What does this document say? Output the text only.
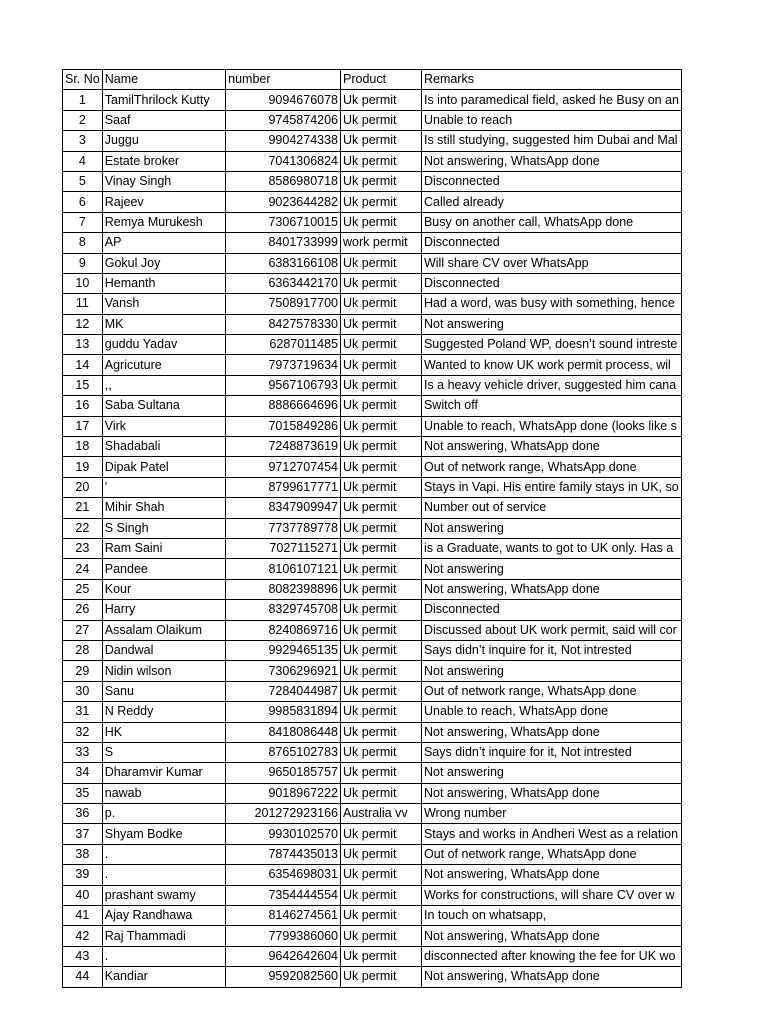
Sr. No	Name	number	Product	Remarks
1	TamilThrilock Kutty	9094676078	Uk permit	Is into paramedical field, asked he Busy on an
2	Saaf	9745874206	Uk permit	Unable to reach
3	Juggu	9904274338	Uk permit	Is still studying, suggested him Dubai and Mal
4	Estate broker	7041306824	Uk permit	Not answering, WhatsApp done
5	Vinay Singh	8586980718	Uk permit	Disconnected
6	Rajeev	9023644282	Uk permit	Called already
7	Remya Murukesh	7306710015	Uk permit	Busy on another call, WhatsApp done
8	AP	8401733999	work permit	Disconnected
9	Gokul Joy	6383166108	Uk permit	Will share CV over WhatsApp
10	Hemanth	6363442170	Uk permit	Disconnected
11	Vansh	7508917700	Uk permit	Had a word, was busy with something, hence
12	MK	8427578330	Uk permit	Not answering
13	guddu Yadav	6287011485	Uk permit	Suggested Poland WP, doesn’t sound intreste
14	Agricuture	7973719634	Uk permit	Wanted to know UK work permit process, wil
15	,,	9567106793	Uk permit	Is a heavy vehicle driver, suggested him cana
16	Saba Sultana	8886664696	Uk permit	Switch off
17	Virk	7015849286	Uk permit	Unable to reach, WhatsApp done (looks like s
18	Shadabali	7248873619	Uk permit	Not answering, WhatsApp done
19	Dipak Patel	9712707454	Uk permit	Out of network range, WhatsApp done
20	'	8799617771	Uk permit	Stays in Vapi. His entire family stays in UK, so
21	Mihir Shah	8347909947	Uk permit	Number out of service
22	S Singh	7737789778	Uk permit	Not answering
23	Ram Saini	7027115271	Uk permit	is a Graduate, wants to got to UK only. Has a
24	Pandee	8106107121	Uk permit	Not answering
25	Kour	8082398896	Uk permit	Not answering, WhatsApp done
26	Harry	8329745708	Uk permit	Disconnected
27	Assalam Olaikum	8240869716	Uk permit	Discussed about UK work permit, said will cor
28	Dandwal	9929465135	Uk permit	Says didn’t inquire for it, Not intrested
29	Nidin wilson	7306296921	Uk permit	Not answering
30	Sanu	7284044987	Uk permit	Out of network range, WhatsApp done
31	N Reddy	9985831894	Uk permit	Unable to reach, WhatsApp done
32	HK	8418086448	Uk permit	Not answering, WhatsApp done
33	S	8765102783	Uk permit	Says didn’t inquire for it, Not intrested
34	Dharamvir Kumar	9650185757	Uk permit	Not answering
35	nawab	9018967222	Uk permit	Not answering, WhatsApp done
36	p.	201272923166	Australia vv	Wrong number
37	Shyam Bodke	9930102570	Uk permit	Stays and works in Andheri West as a relation
38	.	7874435013	Uk permit	Out of network range, WhatsApp done
39	.	6354698031	Uk permit	Not answering, WhatsApp done
40	prashant swamy	7354444554	Uk permit	Works for constructions, will share CV over w
41	Ajay Randhawa	8146274561	Uk permit	In touch on whatsapp,
42	Raj Thammadi	7799386060	Uk permit	Not answering, WhatsApp done
43	.	9642642604	Uk permit	disconnected after knowing the fee for UK wo
44	Kandiar	9592082560	Uk permit	Not answering, WhatsApp done
